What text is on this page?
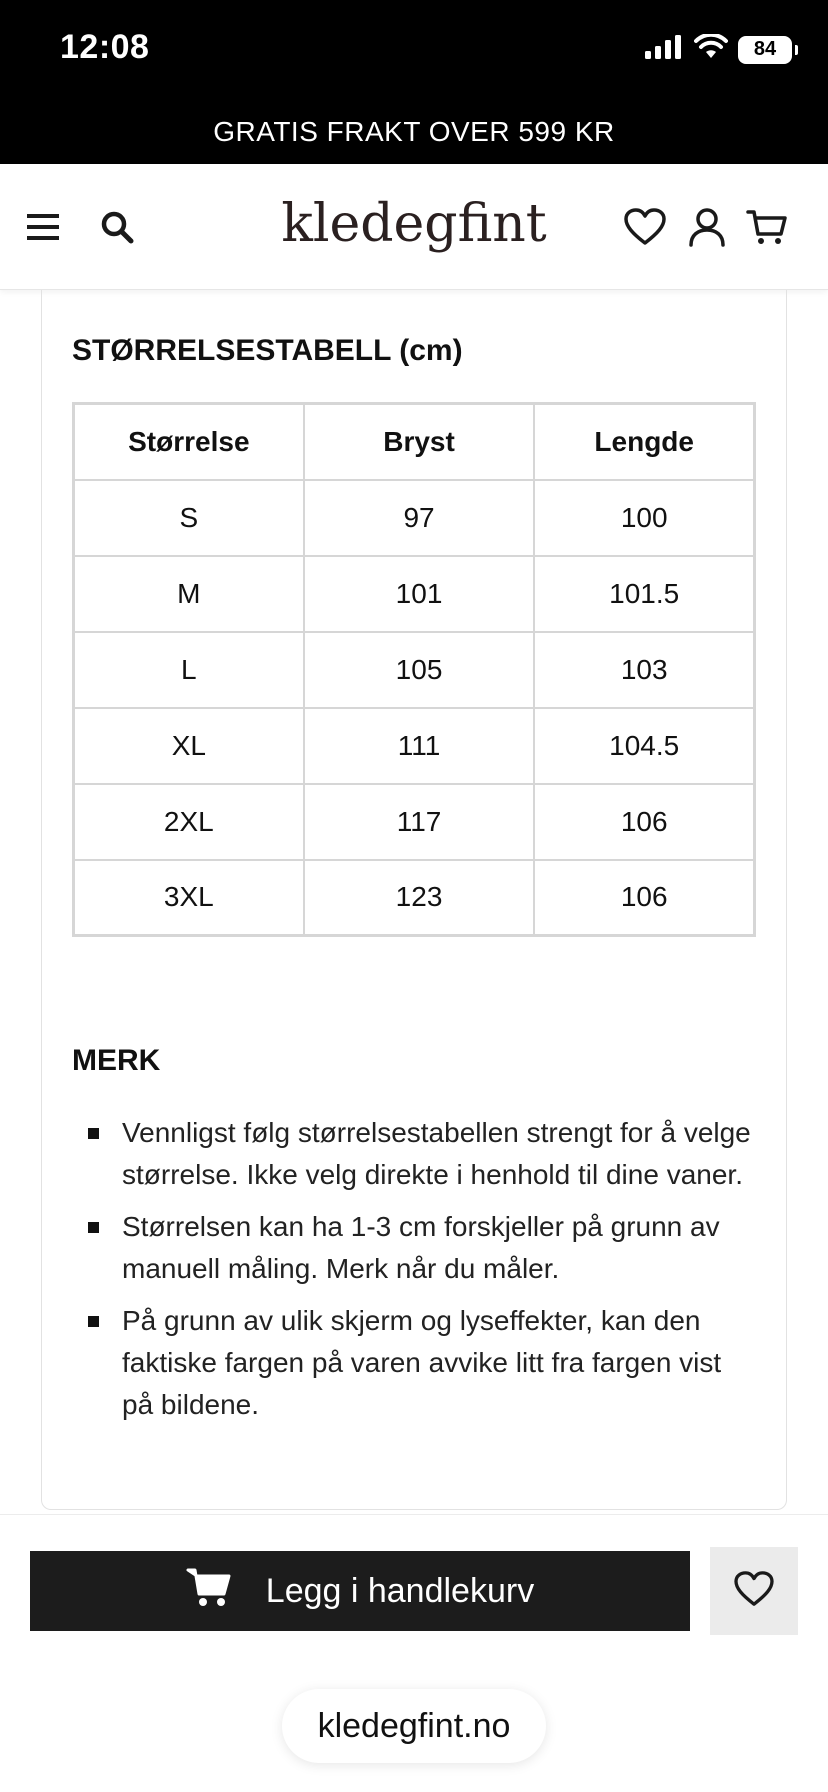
12:08	84
GRATIS FRAKT OVER 599 KR
kledegfint
STØRRELSESTABELL (cm)
Størrelse	Bryst	Lengde
S	97	100
M	101	101.5
L	105	103
XL	111	104.5
2XL	117	106
3XL	123	106
MERK
Vennligst følg størrelsestabellen strengt for å velge størrelse. Ikke velg direkte i henhold til dine vaner.
Størrelsen kan ha 1-3 cm forskjeller på grunn av manuell måling. Merk når du måler.
På grunn av ulik skjerm og lyseffekter, kan den faktiske fargen på varen avvike litt fra fargen vist på bildene.
Legg i handlekurv
kledegfint.no
